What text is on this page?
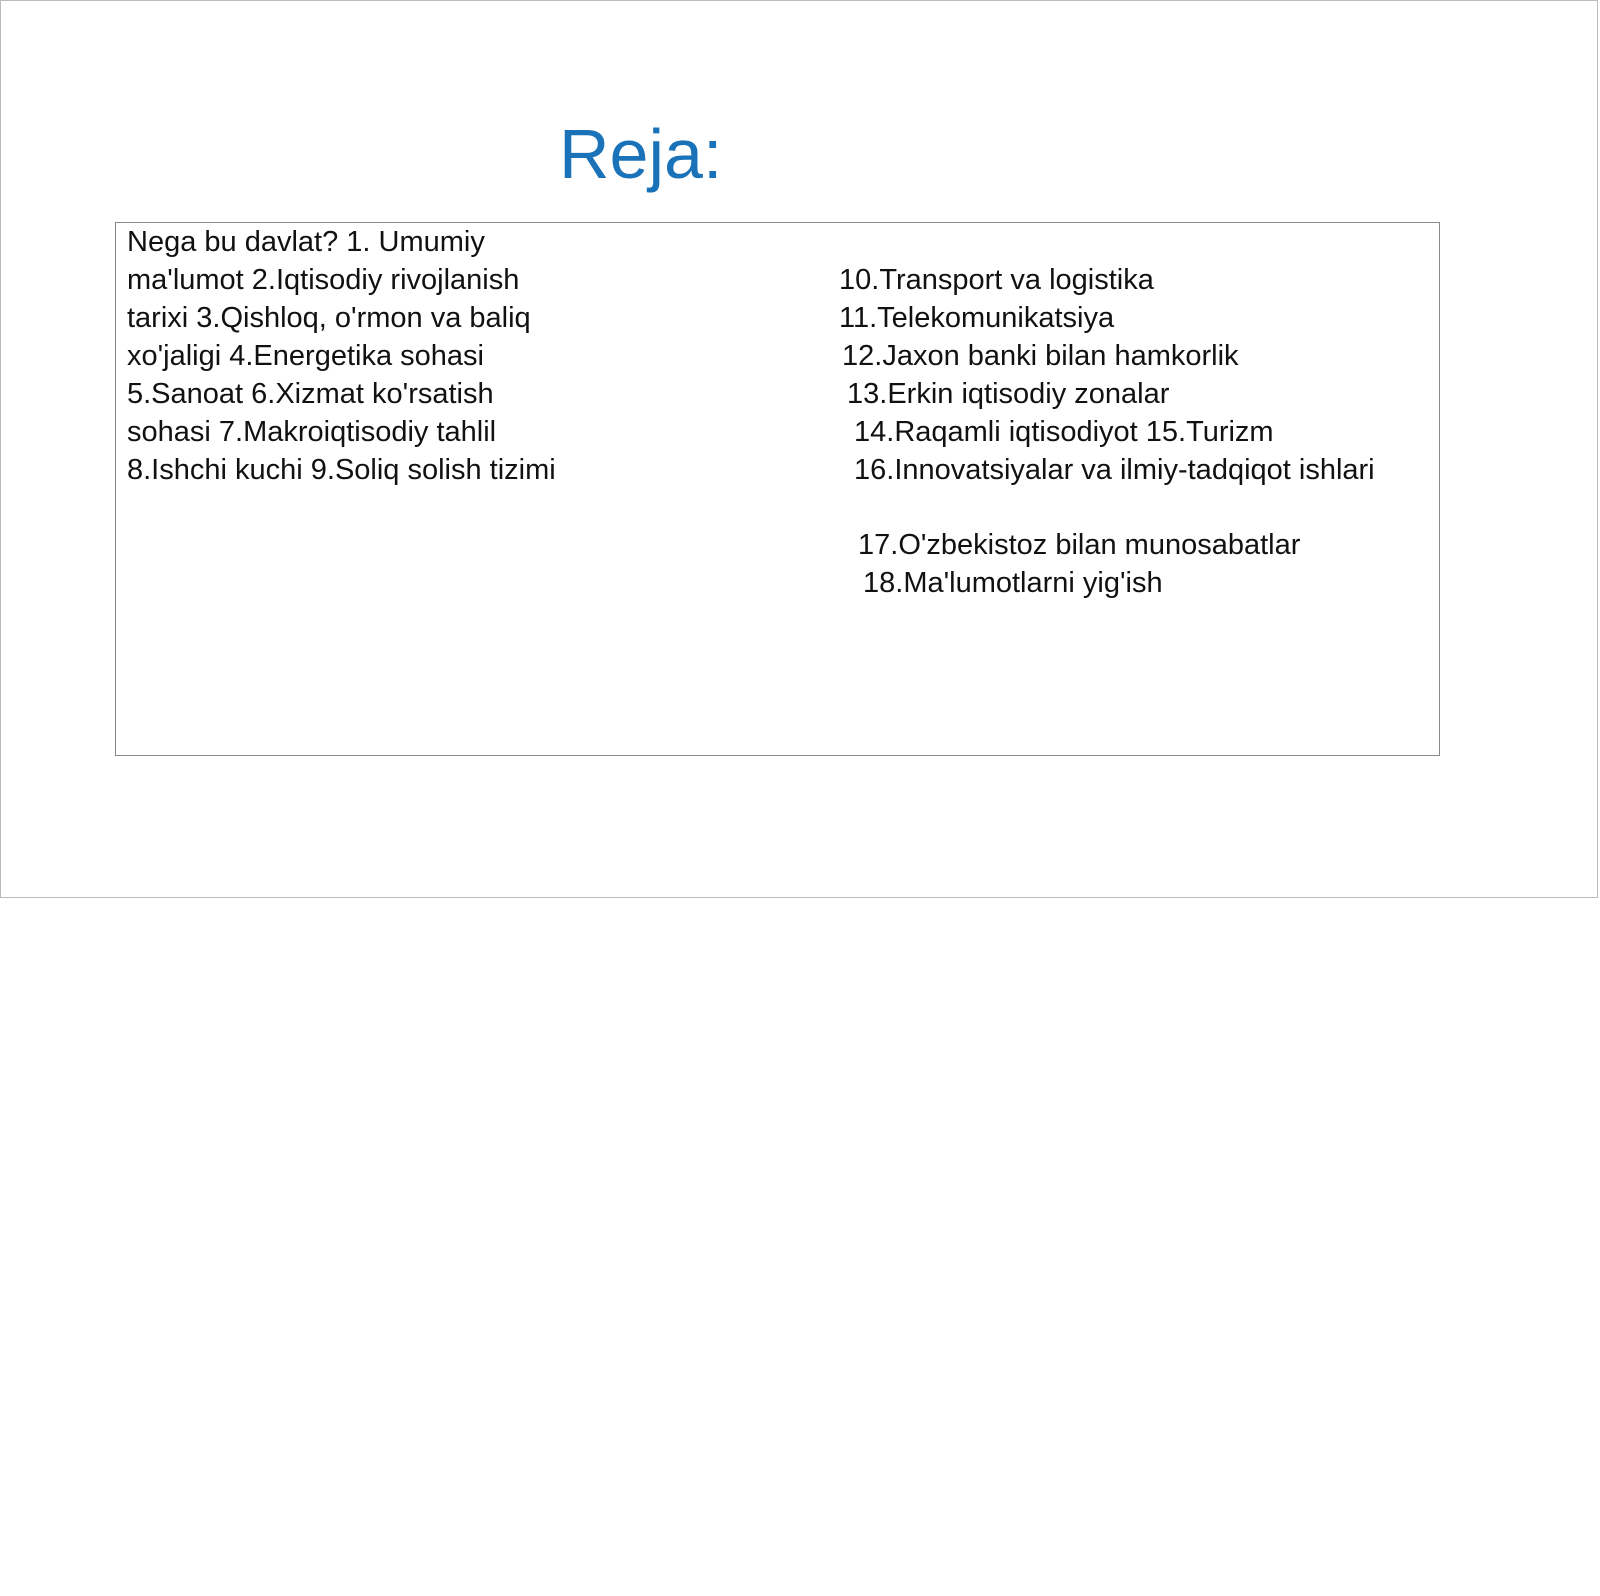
Reja:
Nega bu davlat? 1. Umumiy
ma'lumot 2.Iqtisodiy rivojlanish
tarixi 3.Qishloq, o'rmon va baliq
xo'jaligi 4.Energetika sohasi
5.Sanoat 6.Xizmat ko'rsatish
sohasi 7.Makroiqtisodiy tahlil
8.Ishchi kuchi 9.Soliq solish tizimi
10.Transport va logistika
11.Telekomunikatsiya
12.Jaxon banki bilan hamkorlik
13.Erkin iqtisodiy zonalar
14.Raqamli iqtisodiyot 15.Turizm
16.Innovatsiyalar va ilmiy-tadqiqot ishlari
17.O'zbekistoz bilan munosabatlar
18.Ma'lumotlarni yig'ish
